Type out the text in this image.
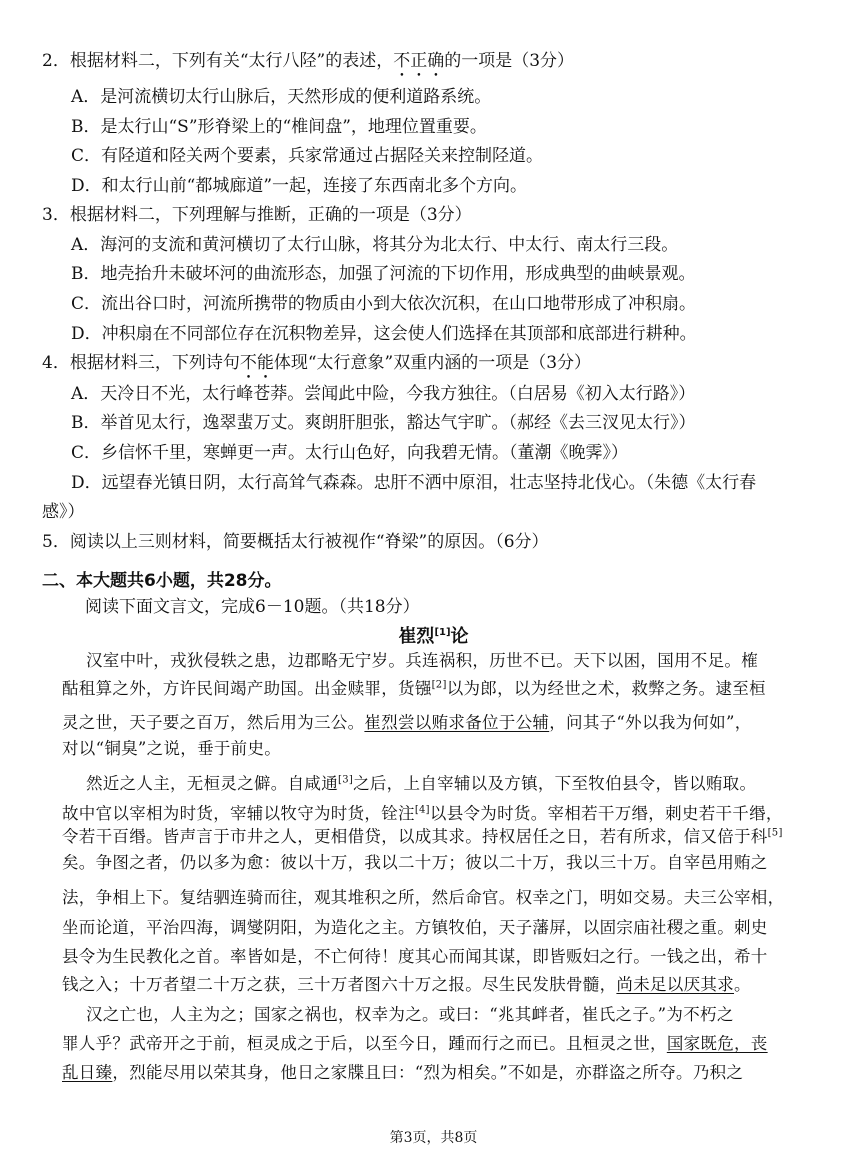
2．根据材料二，下列有关“太行八陉”的表述，不正确的一项是（3分）
A．是河流横切太行山脉后，天然形成的便利道路系统。
B．是太行山“S”形脊梁上的“椎间盘”，地理位置重要。
C．有陉道和陉关两个要素，兵家常通过占据陉关来控制陉道。
D．和太行山前“都城廊道”一起，连接了东西南北多个方向。
3．根据材料二，下列理解与推断，正确的一项是（3分）
A．海河的支流和黄河横切了太行山脉，将其分为北太行、中太行、南太行三段。
B．地壳抬升未破坏河的曲流形态，加强了河流的下切作用，形成典型的曲峡景观。
C．流出谷口时，河流所携带的物质由小到大依次沉积，在山口地带形成了冲积扇。
D．冲积扇在不同部位存在沉积物差异，这会使人们选择在其顶部和底部进行耕种。
4．根据材料三，下列诗句不能体现“太行意象”双重内涵的一项是（3分）
A．天冷日不光，太行峰苍莽。尝闻此中险，今我方独往。（白居易《初入太行路》）
B．举首见太行，逸翠蜚万丈。爽朗肝胆张，豁达气宇旷。（郝经《去三汊见太行》）
C．乡信怀千里，寒蝉更一声。太行山色好，向我碧无情。（董潮《晚霁》）
D．远望春光镇日阴，太行高耸气森森。忠肝不洒中原泪，壮志坚持北伐心。（朱德《太行春
感》）
5．阅读以上三则材料，简要概括太行被视作“脊梁”的原因。（6分）
二、本大题共6小题，共28分。
阅读下面文言文，完成6－10题。（共18分）
崔烈[1]论
汉室中叶，戎狄侵轶之患，边郡略无宁岁。兵连祸积，历世不已。天下以困，国用不足。榷
酤租算之外，方许民间竭产助国。出金赎罪，货镪[2]以为郎，以为经世之术，救弊之务。逮至桓
灵之世，天子要之百万，然后用为三公。崔烈尝以贿求备位于公辅，问其子“外以我为何如”，
对以“铜臭”之说，垂于前史。
然近之人主，无桓灵之僻。自咸通[3]之后，上自宰辅以及方镇，下至牧伯县令，皆以贿取。
故中官以宰相为时货，宰辅以牧守为时货，铨注[4]以县令为时货。宰相若干万缗，刺史若干千缗，
令若干百缗。皆声言于市井之人，更相借贷，以成其求。持权居任之日，若有所求，信又倍于科[5]
矣。争图之者，仍以多为愈：彼以十万，我以二十万；彼以二十万，我以三十万。自宰邑用贿之
法，争相上下。复结驷连骑而往，观其堆积之所，然后命官。权幸之门，明如交易。夫三公宰相，
坐而论道，平治四海，调燮阴阳，为造化之主。方镇牧伯，天子藩屏，以固宗庙社稷之重。刺史
县令为生民教化之首。率皆如是，不亡何待！度其心而闻其谋，即皆贩妇之行。一钱之出，希十
钱之入；十万者望二十万之获，三十万者图六十万之报。尽生民发肤骨髓，尚未足以厌其求。
汉之亡也，人主为之；国家之祸也，权幸为之。或曰：“兆其衅者，崔氏之子。”为不朽之
罪人乎？武帝开之于前，桓灵成之于后，以至今日，踵而行之而已。且桓灵之世，国家既危，丧
乱日臻，烈能尽用以荣其身，他日之家牒且曰：“烈为相矣。”不如是，亦群盗之所夺。乃积之
第3页，共8页
